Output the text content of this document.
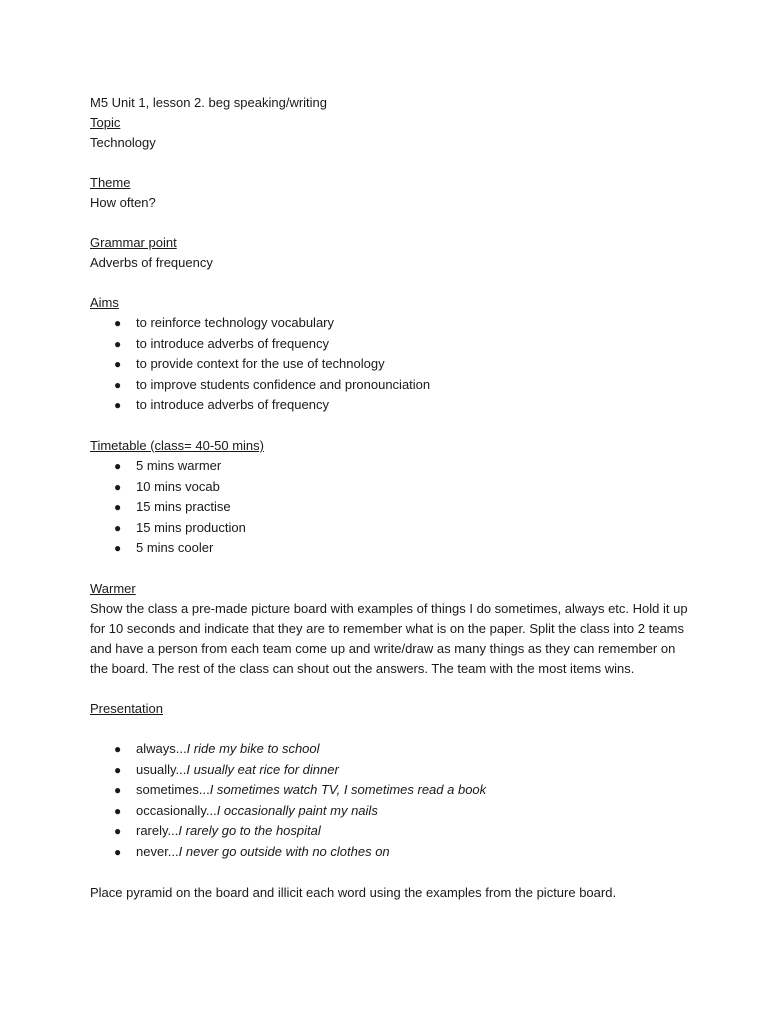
M5 Unit 1, lesson 2. beg speaking/writing
Topic
Technology
Theme
How often?
Grammar point
Adverbs of frequency
Aims
● to reinforce technology vocabulary
● to introduce adverbs of frequency
● to provide context for the use of technology
● to improve students confidence and pronounciation
● to introduce adverbs of frequency
Timetable (class= 40-50 mins)
● 5 mins warmer
● 10 mins vocab
● 15 mins practise
● 15 mins production
● 5 mins cooler
Warmer
Show the class a pre-made picture board with examples of things I do sometimes, always etc. Hold it up
for 10 seconds and indicate that they are to remember what is on the paper. Split the class into 2 teams
and have a person from each team come up and write/draw as many things as they can remember on
the board. The rest of the class can shout out the answers. The team with the most items wins.
Presentation
● always...I ride my bike to school
● usually...I usually eat rice for dinner
● sometimes...I sometimes watch TV, I sometimes read a book
● occasionally...I occasionally paint my nails
● rarely...I rarely go to the hospital
● never...I never go outside with no clothes on
Place pyramid on the board and illicit each word using the examples from the picture board.
